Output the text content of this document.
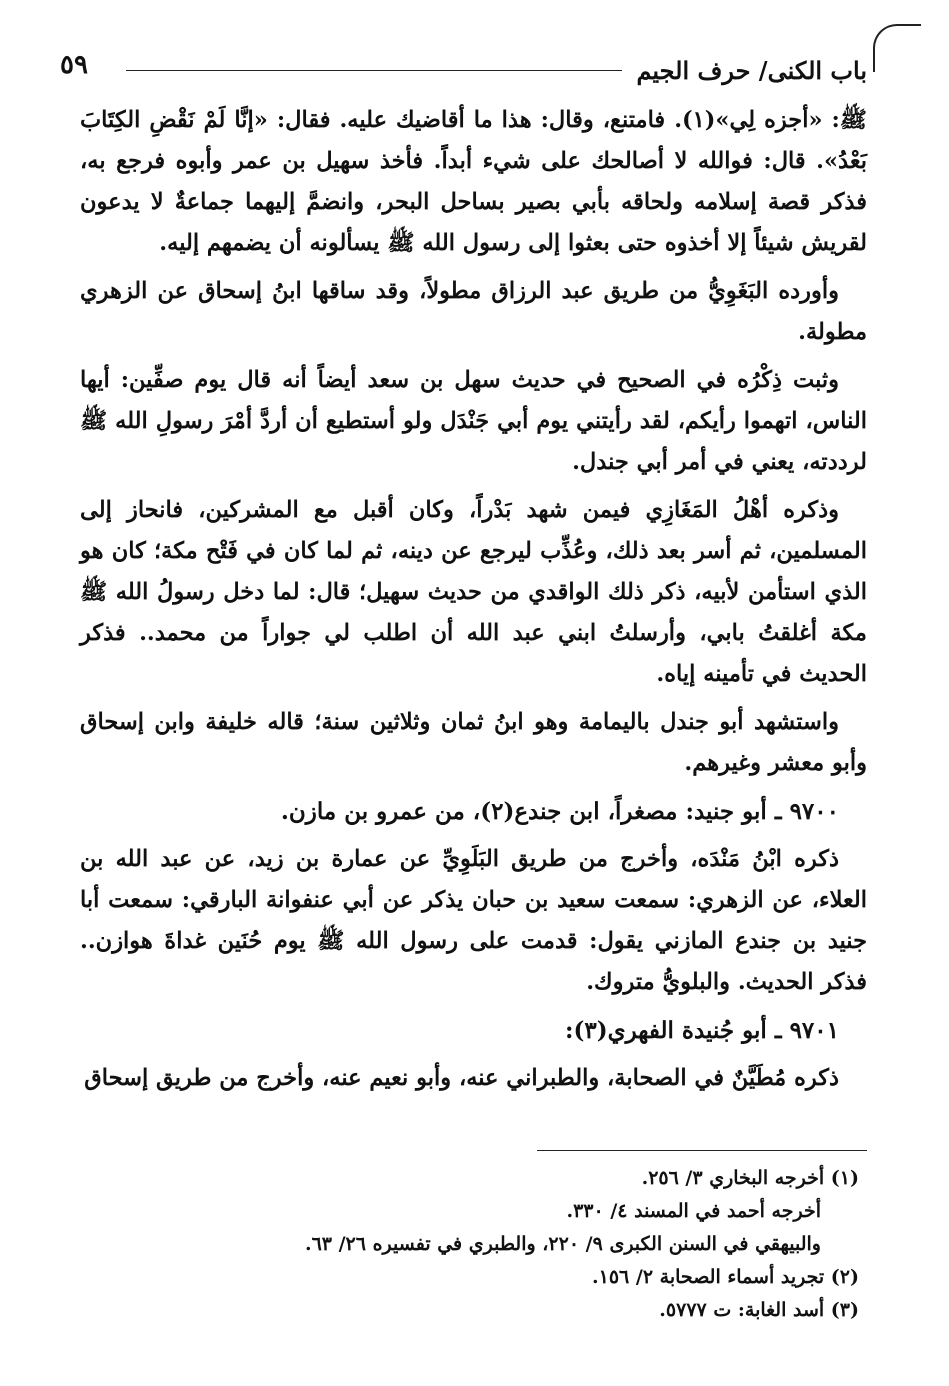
باب الكنى/ حرف الجيم
٥٩

ﷺ: «أجزه لِي»(١). فامتنع، وقال: هذا ما أقاضيك عليه. فقال: «إنَّا لَمْ نَقْضِ الكِتَابَ بَعْدُ». قال: فوالله لا أصالحك على شيء أبداً. فأخذ سهيل بن عمر وأبوه فرجع به، فذكر قصة إسلامه ولحاقه بأبي بصير بساحل البحر، وانضمَّ إليهما جماعةٌ لا يدعون لقريش شيئاً إلا أخذوه حتى بعثوا إلى رسول الله ﷺ يسألونه أن يضمهم إليه.

وأورده البَغَوِيُّ من طريق عبد الرزاق مطولاً، وقد ساقها ابنُ إسحاق عن الزهري مطولة.

وثبت ذِكْرُه في الصحيح في حديث سهل بن سعد أيضاً أنه قال يوم صفِّين: أيها الناس، اتهموا رأيكم، لقد رأيتني يوم أبي جَنْدَل ولو أستطيع أن أردَّ أمْرَ رسولِ الله ﷺ لرددته، يعني في أمر أبي جندل.

وذكره أهْلُ المَغَازِي فيمن شهد بَدْراً، وكان أقبل مع المشركين، فانحاز إلى المسلمين، ثم أسر بعد ذلك، وعُذِّب ليرجع عن دينه، ثم لما كان في فَتْح مكة؛ كان هو الذي استأمن لأبيه، ذكر ذلك الواقدي من حديث سهيل؛ قال: لما دخل رسولُ الله ﷺ مكة أغلقتُ بابي، وأرسلتُ ابني عبد الله أن اطلب لي جواراً من محمد.. فذكر الحديث في تأمينه إياه.

واستشهد أبو جندل باليمامة وهو ابنُ ثمان وثلاثين سنة؛ قاله خليفة وابن إسحاق وأبو معشر وغيرهم.

٩٧٠٠ ـ أبو جنيد: مصغراً، ابن جندع(٢)، من عمرو بن مازن.

ذكره ابْنُ مَنْدَه، وأخرج من طريق البَلَوِيِّ عن عمارة بن زيد، عن عبد الله بن العلاء، عن الزهري: سمعت سعيد بن حبان يذكر عن أبي عنفوانة البارقي: سمعت أبا جنيد بن جندع المازني يقول: قدمت على رسول الله ﷺ يوم حُنَين غداةَ هوازن.. فذكر الحديث. والبلويُّ متروك.

٩٧٠١ ـ أبو جُنيدة الفهري(٣):

ذكره مُطَيَّنٌ في الصحابة، والطبراني عنه، وأبو نعيم عنه، وأخرج من طريق إسحاق

(١) أخرجه البخاري ٣/ ٢٥٦.

أخرجه أحمد في المسند ٤/ ٣٣٠.

والبيهقي في السنن الكبرى ٩/ ٢٢٠، والطبري في تفسيره ٢٦/ ٦٣.

(٢) تجريد أسماء الصحابة ٢/ ١٥٦.

(٣) أسد الغابة: ت ٥٧٧٧.
